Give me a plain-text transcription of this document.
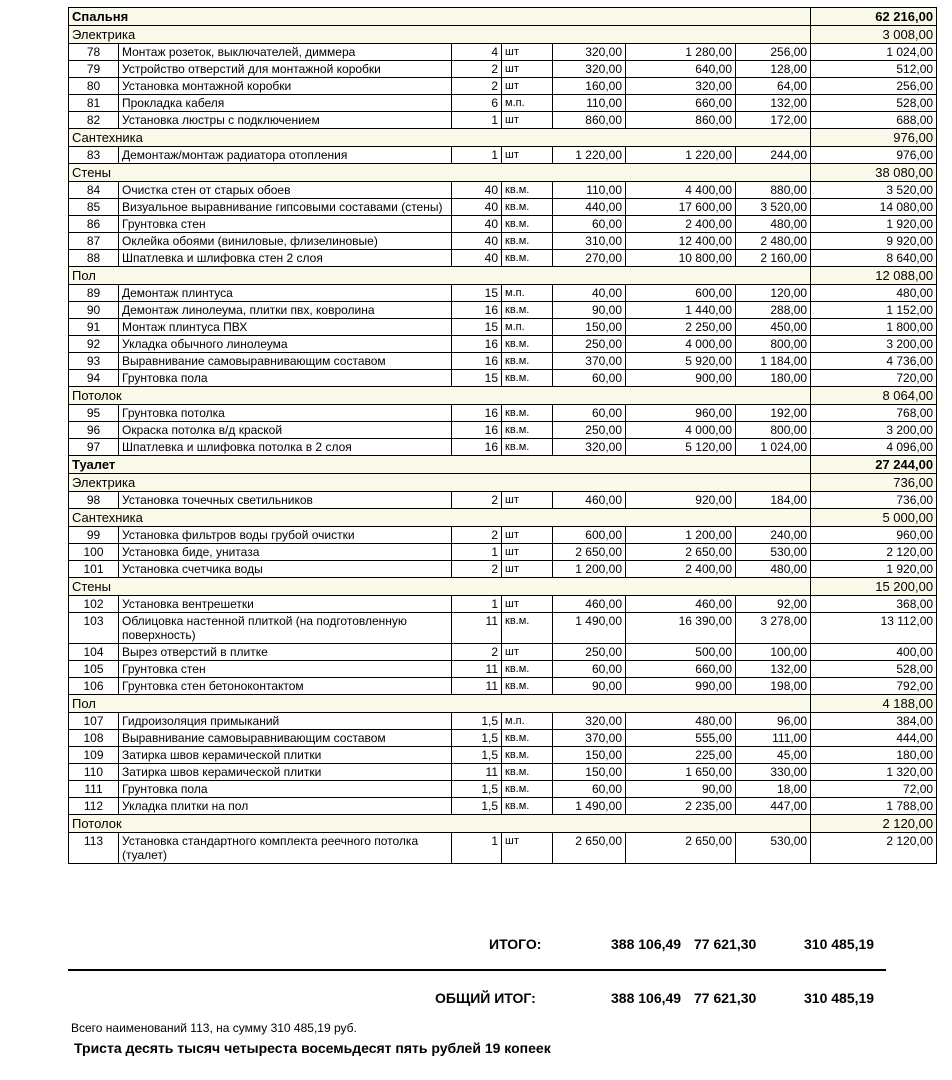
Спальня							62 216,00
Электрика							3 008,00
78	Монтаж розеток, выключателей, диммера	4	шт	320,00	1 280,00	256,00	1 024,00
79	Устройство отверстий для монтажной коробки	2	шт	320,00	640,00	128,00	512,00
80	Установка монтажной коробки	2	шт	160,00	320,00	64,00	256,00
81	Прокладка кабеля	6	м.п.	110,00	660,00	132,00	528,00
82	Установка люстры с подключением	1	шт	860,00	860,00	172,00	688,00
Сантехника							976,00
83	Демонтаж/монтаж радиатора отопления	1	шт	1 220,00	1 220,00	244,00	976,00
Стены							38 080,00
84	Очистка стен от старых обоев	40	кв.м.	110,00	4 400,00	880,00	3 520,00
85	Визуальное выравнивание гипсовыми составами (стены)	40	кв.м.	440,00	17 600,00	3 520,00	14 080,00
86	Грунтовка стен	40	кв.м.	60,00	2 400,00	480,00	1 920,00
87	Оклейка обоями (виниловые, флизелиновые)	40	кв.м.	310,00	12 400,00	2 480,00	9 920,00
88	Шпатлевка и шлифовка стен 2 слоя	40	кв.м.	270,00	10 800,00	2 160,00	8 640,00
Пол							12 088,00
89	Демонтаж плинтуса	15	м.п.	40,00	600,00	120,00	480,00
90	Демонтаж линолеума, плитки пвх, ковролина	16	кв.м.	90,00	1 440,00	288,00	1 152,00
91	Монтаж плинтуса ПВХ	15	м.п.	150,00	2 250,00	450,00	1 800,00
92	Укладка обычного линолеума	16	кв.м.	250,00	4 000,00	800,00	3 200,00
93	Выравнивание самовыравнивающим составом	16	кв.м.	370,00	5 920,00	1 184,00	4 736,00
94	Грунтовка пола	15	кв.м.	60,00	900,00	180,00	720,00
Потолок							8 064,00
95	Грунтовка потолка	16	кв.м.	60,00	960,00	192,00	768,00
96	Окраска потолка в/д краской	16	кв.м.	250,00	4 000,00	800,00	3 200,00
97	Шпатлевка и шлифовка потолка в 2 слоя	16	кв.м.	320,00	5 120,00	1 024,00	4 096,00
Туалет							27 244,00
Электрика							736,00
98	Установка точечных светильников	2	шт	460,00	920,00	184,00	736,00
Сантехника							5 000,00
99	Установка фильтров воды грубой очистки	2	шт	600,00	1 200,00	240,00	960,00
100	Установка биде, унитаза	1	шт	2 650,00	2 650,00	530,00	2 120,00
101	Установка счетчика воды	2	шт	1 200,00	2 400,00	480,00	1 920,00
Стены							15 200,00
102	Установка вентрешетки	1	шт	460,00	460,00	92,00	368,00
103	Облицовка настенной плиткой (на подготовленную поверхность)	11	кв.м.	1 490,00	16 390,00	3 278,00	13 112,00
104	Вырез отверстий в плитке	2	шт	250,00	500,00	100,00	400,00
105	Грунтовка стен	11	кв.м.	60,00	660,00	132,00	528,00
106	Грунтовка стен бетоноконтактом	11	кв.м.	90,00	990,00	198,00	792,00
Пол							4 188,00
107	Гидроизоляция примыканий	1,5	м.п.	320,00	480,00	96,00	384,00
108	Выравнивание самовыравнивающим составом	1,5	кв.м.	370,00	555,00	111,00	444,00
109	Затирка швов керамической плитки	1,5	кв.м.	150,00	225,00	45,00	180,00
110	Затирка швов керамической плитки	11	кв.м.	150,00	1 650,00	330,00	1 320,00
111	Грунтовка пола	1,5	кв.м.	60,00	90,00	18,00	72,00
112	Укладка плитки на пол	1,5	кв.м.	1 490,00	2 235,00	447,00	1 788,00
Потолок							2 120,00
113	Установка стандартного комплекта реечного потолка (туалет)	1	шт	2 650,00	2 650,00	530,00	2 120,00
ИТОГО:	388 106,49 77 621,30	310 485,19
ОБЩИЙ ИТОГ:	388 106,49 77 621,30	310 485,19
Всего наименований 113, на сумму 310 485,19 руб.
Триста десять тысяч четыреста восемьдесят пять рублей 19 копеек
